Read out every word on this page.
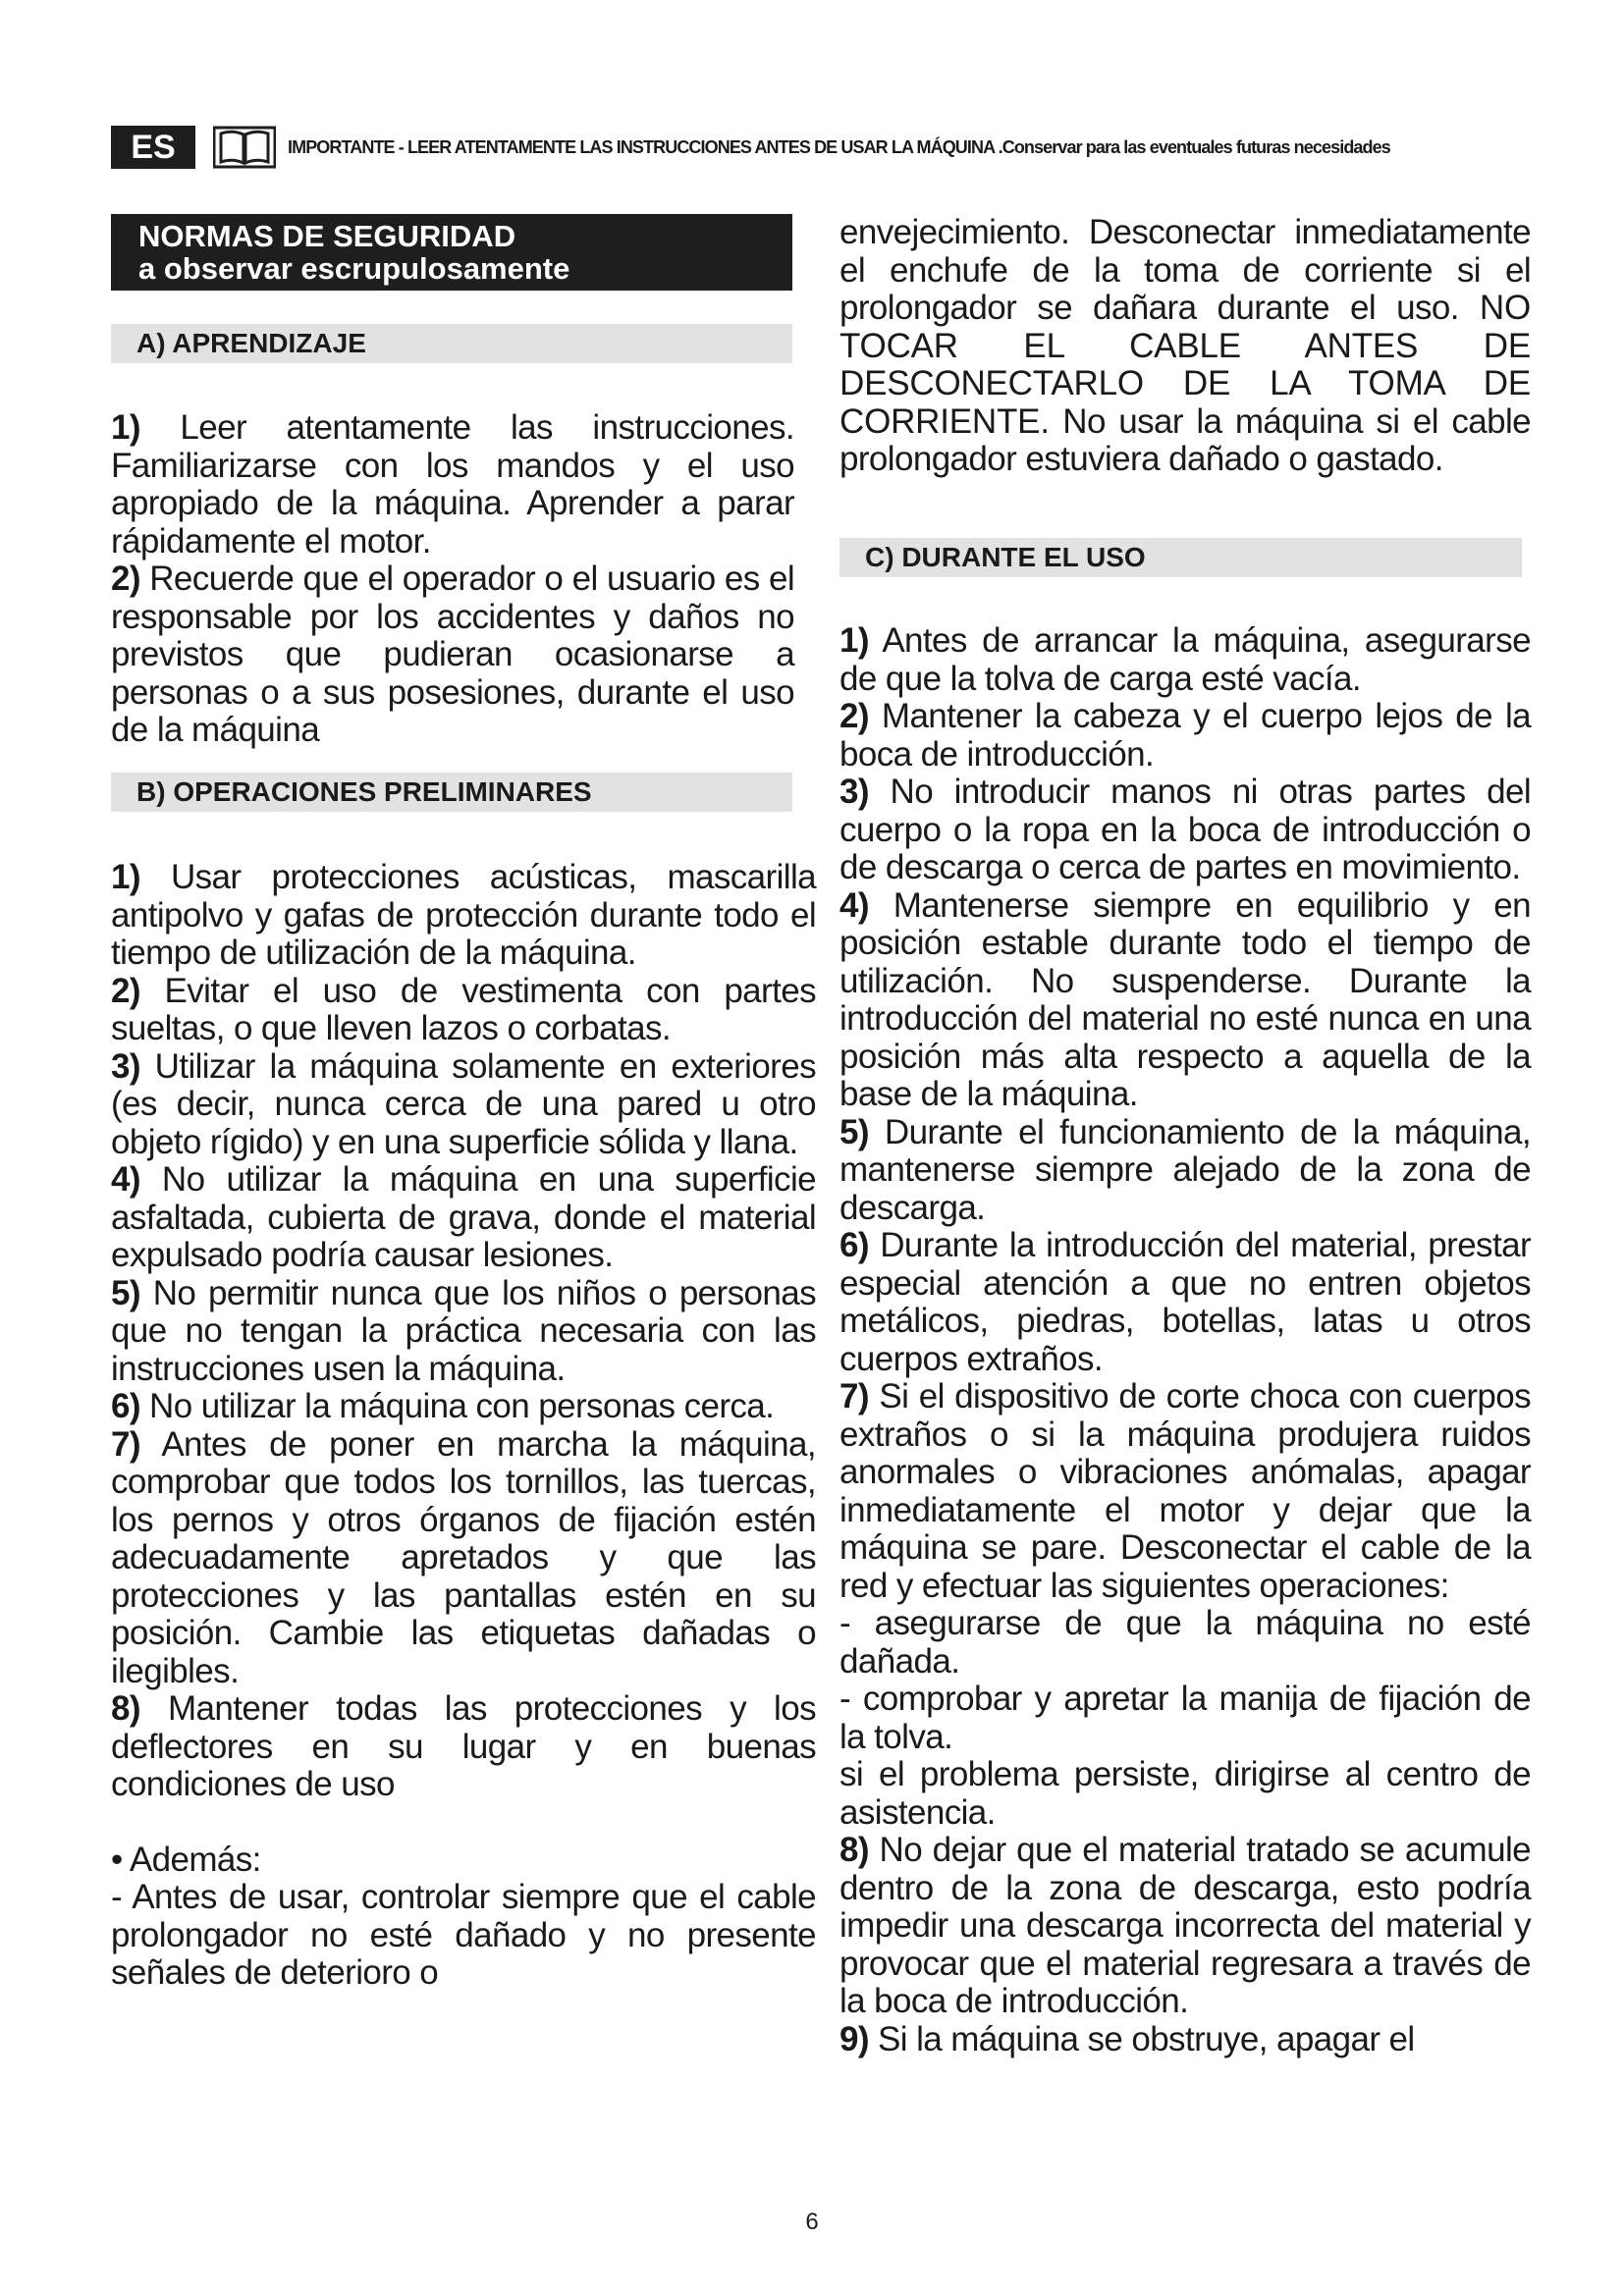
ES	IMPORTANTE - LEER ATENTAMENTE LAS INSTRUCCIONES ANTES DE USAR LA MÁQUINA .Conservar para las eventuales futuras necesidades
NORMAS DE SEGURIDAD
a observar escrupulosamente
A) APRENDIZAJE

1) Leer atentamente las instrucciones. Familiarizarse con los mandos y el uso apropiado de la máquina. Aprender a parar rápidamente el motor.

2) Recuerde que el operador o el usuario es el responsable por los accidentes y daños no previstos que pudieran ocasionarse a personas o a sus posesiones, durante el uso de la máquina

B) OPERACIONES PRELIMINARES

1) Usar protecciones acústicas, mascarilla antipolvo y gafas de protección durante todo el tiempo de utilización de la máquina.

2) Evitar el uso de vestimenta con partes sueltas, o que lleven lazos o corbatas.

3) Utilizar la máquina solamente en exteriores (es decir, nunca cerca de una pared u otro objeto rígido) y en una superficie sólida y llana.

4) No utilizar la máquina en una superficie asfaltada, cubierta de grava, donde el material expulsado podría causar lesiones.

5) No permitir nunca que los niños o personas que no tengan la práctica necesaria con las instrucciones usen la máquina.

6) No utilizar la máquina con personas cerca.

7) Antes de poner en marcha la máquina, comprobar que todos los tornillos, las tuercas, los pernos y otros órganos de fijación estén adecuadamente apretados y que las protecciones y las pantallas estén en su posición. Cambie las etiquetas dañadas o ilegibles.

8) Mantener todas las protecciones y los deflectores en su lugar y en buenas condiciones de uso

• Además:

- Antes de usar, controlar siempre que el cable prolongador no esté dañado y no presente señales de deterioro o

envejecimiento. Desconectar inmediatamente el enchufe de la toma de corriente si el prolongador se dañara durante el uso. NO TOCAR EL CABLE ANTES DE DESCONECTARLO DE LA TOMA DE CORRIENTE. No usar la máquina si el cable prolongador estuviera dañado o gastado.

C) DURANTE EL USO

1) Antes de arrancar la máquina, asegurarse de que la tolva de carga esté vacía.

2) Mantener la cabeza y el cuerpo lejos de la boca de introducción.

3) No introducir manos ni otras partes del cuerpo o la ropa en la boca de introducción o de descarga o cerca de partes en movimiento.

4) Mantenerse siempre en equilibrio y en posición estable durante todo el tiempo de utilización. No suspenderse. Durante la introducción del material no esté nunca en una posición más alta respecto a aquella de la base de la máquina.

5) Durante el funcionamiento de la máquina, mantenerse siempre alejado de la zona de descarga.

6) Durante la introducción del material, prestar especial atención a que no entren objetos metálicos, piedras, botellas, latas u otros cuerpos extraños.

7) Si el dispositivo de corte choca con cuerpos extraños o si la máquina produjera ruidos anormales o vibraciones anómalas, apagar inmediatamente el motor y dejar que la máquina se pare. Desconectar el cable de la red y efectuar las siguientes operaciones:

- asegurarse de que la máquina no esté dañada.

- comprobar y apretar la manija de fijación de la tolva.

si el problema persiste, dirigirse al centro de asistencia.

8) No dejar que el material tratado se acumule dentro de la zona de descarga, esto podría impedir una descarga incorrecta del material y provocar que el material regresara a través de la boca de introducción.

9) Si la máquina se obstruye, apagar el

6
